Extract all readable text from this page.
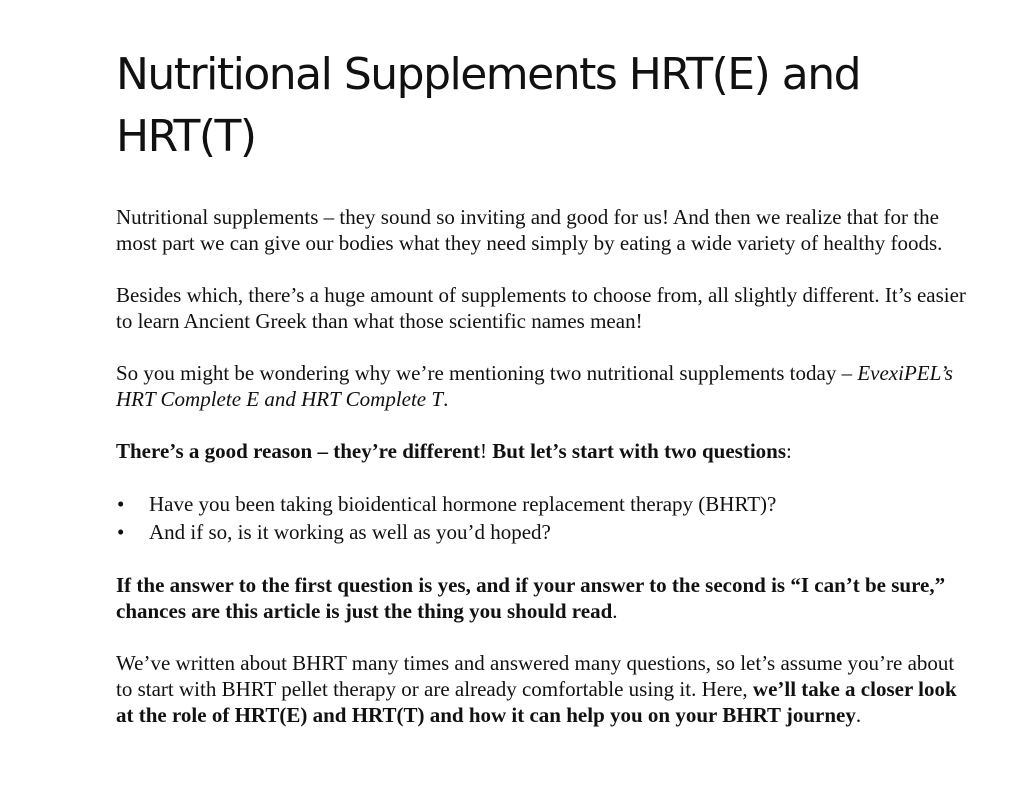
Nutritional Supplements HRT(E) and HRT(T)

Nutritional supplements – they sound so inviting and good for us! And then we realize that for the most part we can give our bodies what they need simply by eating a wide variety of healthy foods.

Besides which, there’s a huge amount of supplements to choose from, all slightly different. It’s easier to learn Ancient Greek than what those scientific names mean!

So you might be wondering why we’re mentioning two nutritional supplements today – EvexiPEL’s HRT Complete E and HRT Complete T.

There’s a good reason – they’re different! But let’s start with two questions:

• Have you been taking bioidentical hormone replacement therapy (BHRT)?
• And if so, is it working as well as you’d hoped?

If the answer to the first question is yes, and if your answer to the second is “I can’t be sure,” chances are this article is just the thing you should read.

We’ve written about BHRT many times and answered many questions, so let’s assume you’re about to start with BHRT pellet therapy or are already comfortable using it. Here, we’ll take a closer look at the role of HRT(E) and HRT(T) and how it can help you on your BHRT journey.
